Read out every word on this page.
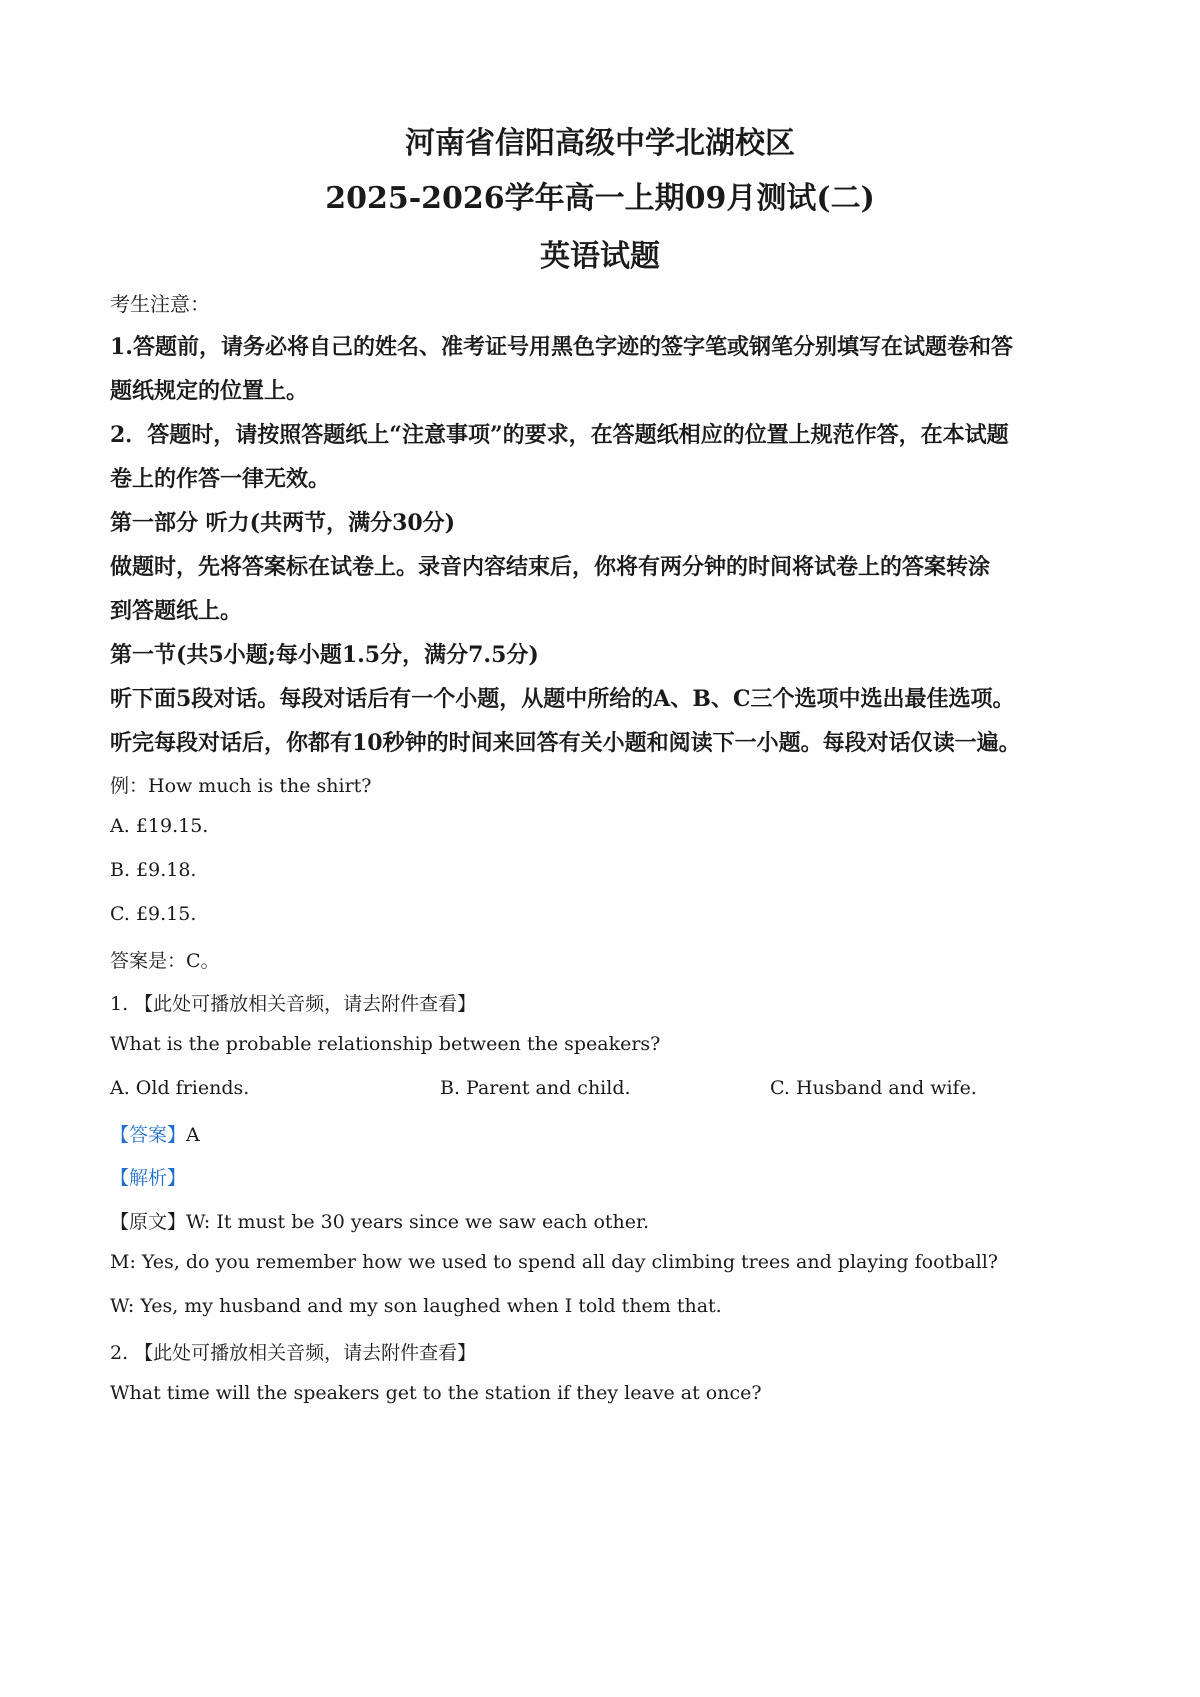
河南省信阳高级中学北湖校区
2025-2026学年高一上期09月测试(二)
英语试题
考生注意：
1.答题前，请务必将自己的姓名、准考证号用黑色字迹的签字笔或钢笔分别填写在试题卷和答
题纸规定的位置上。
2．答题时，请按照答题纸上“注意事项”的要求，在答题纸相应的位置上规范作答，在本试题
卷上的作答一律无效。
第一部分 听力(共两节，满分30分)
做题时，先将答案标在试卷上。录音内容结束后，你将有两分钟的时间将试卷上的答案转涂
到答题纸上。
第一节(共5小题;每小题1.5分，满分7.5分)
听下面5段对话。每段对话后有一个小题，从题中所给的A、B、C三个选项中选出最佳选项。
听完每段对话后，你都有10秒钟的时间来回答有关小题和阅读下一小题。每段对话仅读一遍。
例：How much is the shirt?
A. £19.15.
B. £9.18.
C. £9.15.
答案是：C。
1. 【此处可播放相关音频，请去附件查看】
What is the probable relationship between the speakers?
A. Old friends.	B. Parent and child.	C. Husband and wife.
【答案】A
【解析】
【原文】W: It must be 30 years since we saw each other.
M: Yes, do you remember how we used to spend all day climbing trees and playing football?
W: Yes, my husband and my son laughed when I told them that.
2. 【此处可播放相关音频，请去附件查看】
What time will the speakers get to the station if they leave at once?
